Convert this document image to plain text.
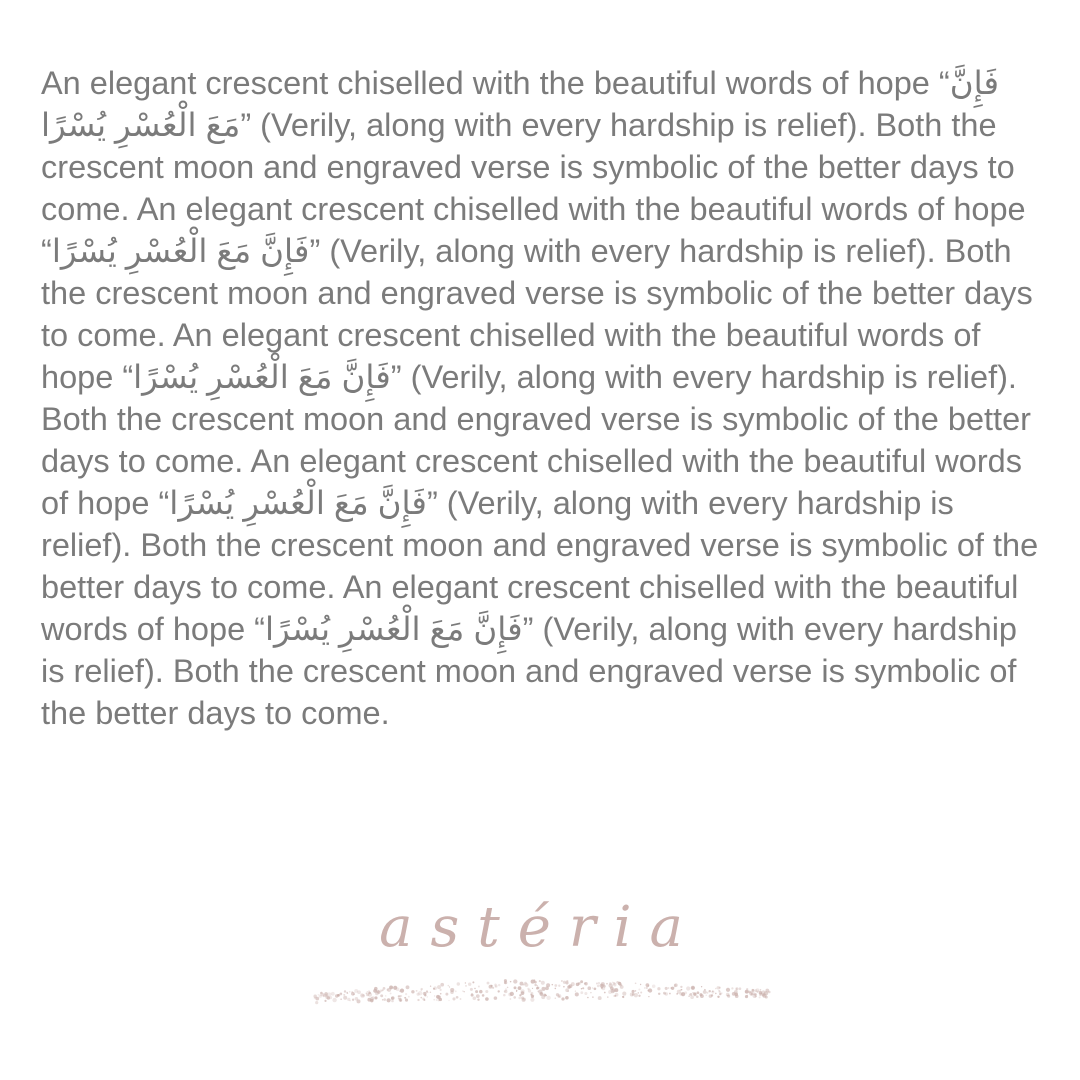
An elegant crescent chiselled with the beautiful words of hope “فَإِنَّ مَعَ الْعُسْرِ يُسْرًا” (Verily, along with every hardship is relief). Both the crescent moon and engraved verse is symbolic of the better days to come. An elegant crescent chiselled with the beautiful words of hope “فَإِنَّ مَعَ الْعُسْرِ يُسْرًا” (Verily, along with every hardship is relief). Both the crescent moon and engraved verse is symbolic of the better days to come. An elegant crescent chiselled with the beautiful words of hope “فَإِنَّ مَعَ الْعُسْرِ يُسْرًا” (Verily, along with every hardship is relief). Both the crescent moon and engraved verse is symbolic of the better days to come. An elegant crescent chiselled with the beautiful words of hope “فَإِنَّ مَعَ الْعُسْرِ يُسْرًا” (Verily, along with every hardship is relief). Both the crescent moon and engraved verse is symbolic of the better days to come. An elegant crescent chiselled with the beautiful words of hope “فَإِنَّ مَعَ الْعُسْرِ يُسْرًا” (Verily, along with every hardship is relief). Both the crescent moon and engraved verse is symbolic of the better days to come.

astéria
